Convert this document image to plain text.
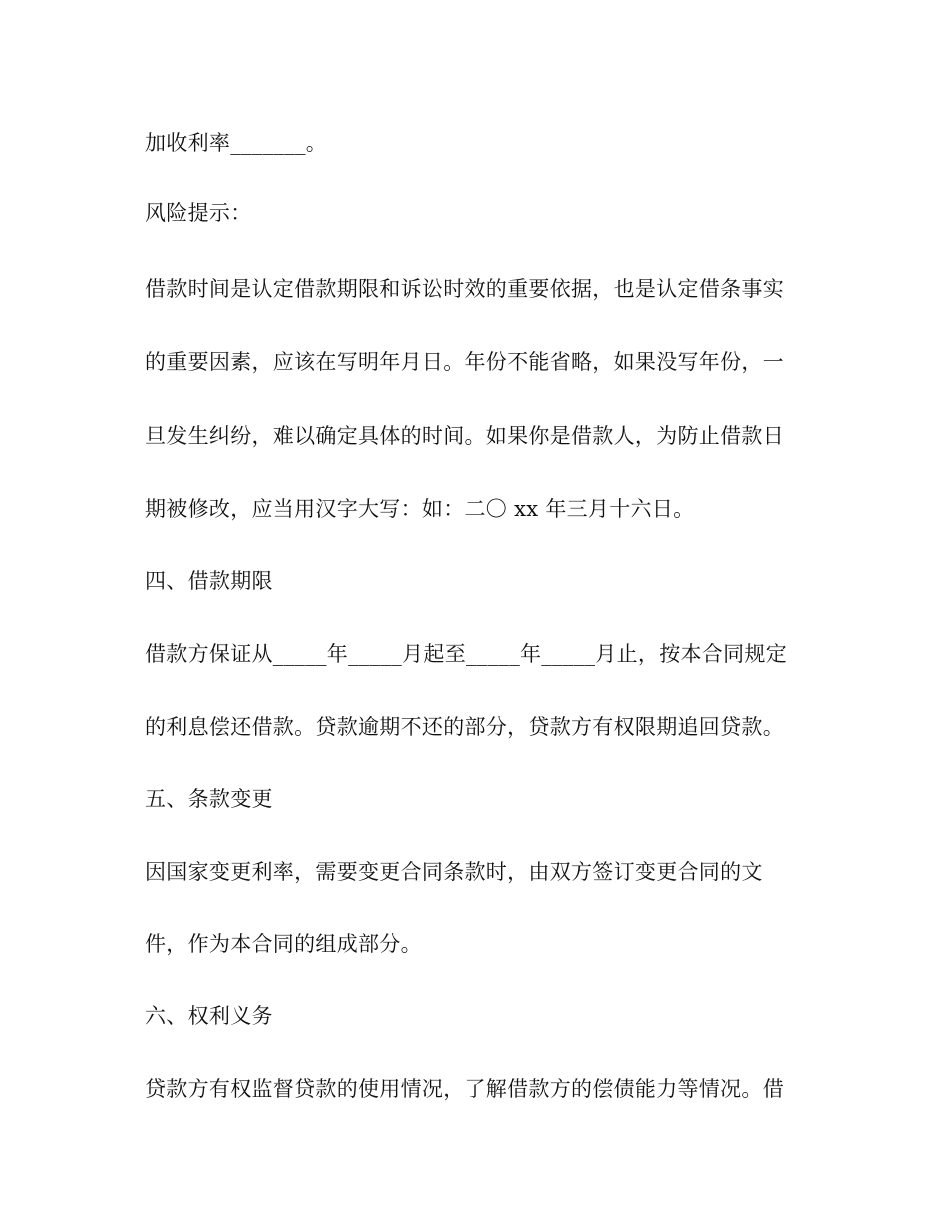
加收利率_______。
风险提示：
借款时间是认定借款期限和诉讼时效的重要依据，也是认定借条事实
的重要因素，应该在写明年月日。年份不能省略，如果没写年份，一
旦发生纠纷，难以确定具体的时间。如果你是借款人，为防止借款日
期被修改，应当用汉字大写：如：二〇 xx 年三月十六日。
四、借款期限
借款方保证从_____年_____月起至_____年_____月止，按本合同规定
的利息偿还借款。贷款逾期不还的部分，贷款方有权限期追回贷款。
五、条款变更
因国家变更利率，需要变更合同条款时，由双方签订变更合同的文
件，作为本合同的组成部分。
六、权利义务
贷款方有权监督贷款的使用情况，了解借款方的偿债能力等情况。借
